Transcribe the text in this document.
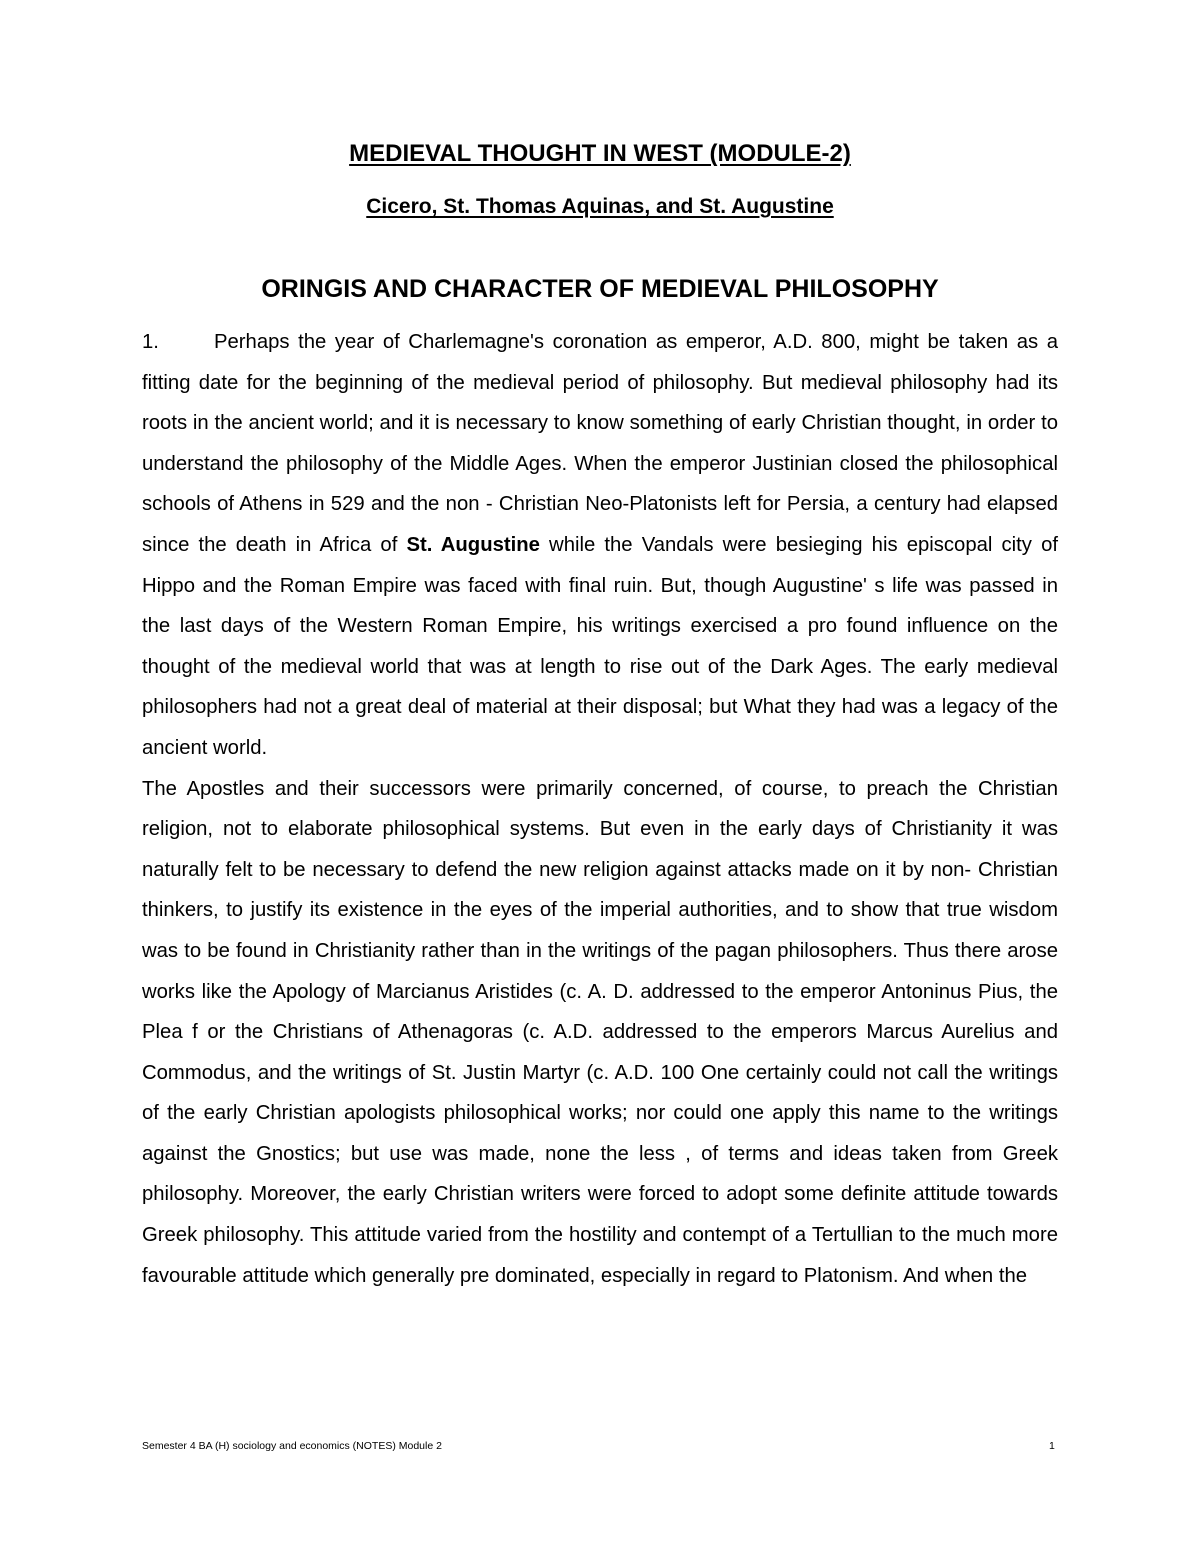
MEDIEVAL THOUGHT IN WEST (MODULE-2)
Cicero, St. Thomas Aquinas, and St. Augustine
ORINGIS AND CHARACTER OF MEDIEVAL PHILOSOPHY

1.	Perhaps the year of Charlemagne's coronation as emperor, A.D. 800, might be taken as a fitting date for the beginning of the medieval period of philosophy. But medieval philosophy had its roots in the ancient world; and it is necessary to know something of early Christian thought, in order to understand the philosophy of the Middle Ages. When the emperor Justinian closed the philosophical schools of Athens in 529 and the non - Christian Neo-Platonists left for Persia, a century had elapsed since the death in Africa of St. Augustine while the Vandals were besieging his episcopal city of Hippo and the Roman Empire was faced with final ruin. But, though Augustine' s life was passed in the last days of the Western Roman Empire, his writings exercised a pro found influence on the thought of the medieval world that was at length to rise out of the Dark Ages. The early medieval philosophers had not a great deal of material at their disposal; but What they had was a legacy of the ancient world.

The Apostles and their successors were primarily concerned, of course, to preach the Christian religion, not to elaborate philosophical systems. But even in the early days of Christianity it was naturally felt to be necessary to defend the new religion against attacks made on it by non- Christian thinkers, to justify its existence in the eyes of the imperial authorities, and to show that true wisdom was to be found in Christianity rather than in the writings of the pagan philosophers. Thus there arose works like the Apology of Marcianus Aristides (c. A. D. addressed to the emperor Antoninus Pius, the Plea f or the Christians of Athenagoras (c. A.D. addressed to the emperors Marcus Aurelius and Commodus, and the writings of St. Justin Martyr (c. A.D. 100 One certainly could not call the writings of the early Christian apologists philosophical works; nor could one apply this name to the writings against the Gnostics; but use was made, none the less , of terms and ideas taken from Greek philosophy. Moreover, the early Christian writers were forced to adopt some definite attitude towards Greek philosophy. This attitude varied from the hostility and contempt of a Tertullian to the much more favourable attitude which generally pre dominated, especially in regard to Platonism. And when the

Semester 4 BA (H) sociology and economics (NOTES) Module 2	1
